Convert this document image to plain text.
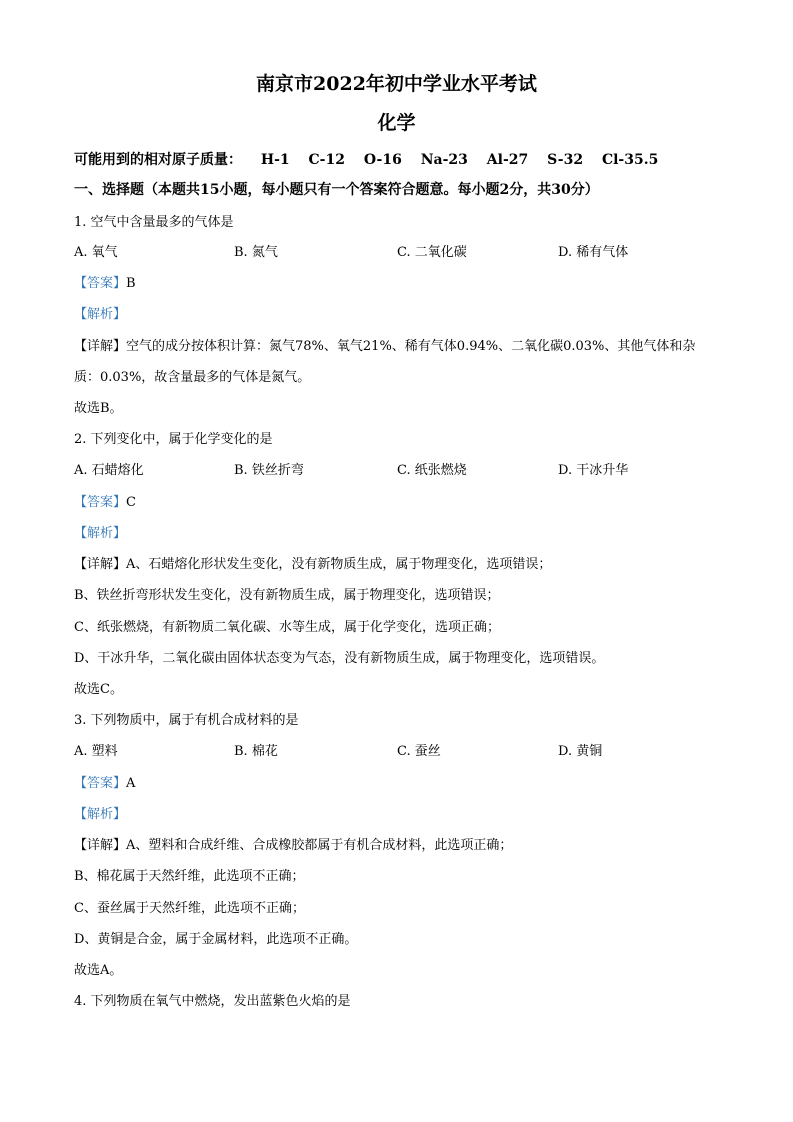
南京市2022年初中学业水平考试
化学
可能用到的相对原子质量： H-1 C-12 O-16 Na-23 Al-27 S-32 Cl-35.5
一、选择题（本题共15小题，每小题只有一个答案符合题意。每小题2分，共30分）
1. 空气中含量最多的气体是
A. 氧气	B. 氮气	C. 二氧化碳	D. 稀有气体
【答案】B
【解析】
【详解】空气的成分按体积计算：氮气78%、氧气21%、稀有气体0.94%、二氧化碳0.03%、其他气体和杂
质：0.03%，故含量最多的气体是氮气。
故选B。
2. 下列变化中，属于化学变化的是
A. 石蜡熔化	B. 铁丝折弯	C. 纸张燃烧	D. 干冰升华
【答案】C
【解析】
【详解】A、石蜡熔化形状发生变化，没有新物质生成，属于物理变化，选项错误；
B、铁丝折弯形状发生变化，没有新物质生成，属于物理变化，选项错误；
C、纸张燃烧，有新物质二氧化碳、水等生成，属于化学变化，选项正确；
D、干冰升华，二氧化碳由固体状态变为气态，没有新物质生成，属于物理变化，选项错误。
故选C。
3. 下列物质中，属于有机合成材料的是
A. 塑料	B. 棉花	C. 蚕丝	D. 黄铜
【答案】A
【解析】
【详解】A、塑料和合成纤维、合成橡胶都属于有机合成材料，此选项正确；
B、棉花属于天然纤维，此选项不正确；
C、蚕丝属于天然纤维，此选项不正确；
D、黄铜是合金，属于金属材料，此选项不正确。
故选A。
4. 下列物质在氧气中燃烧，发出蓝紫色火焰的是
